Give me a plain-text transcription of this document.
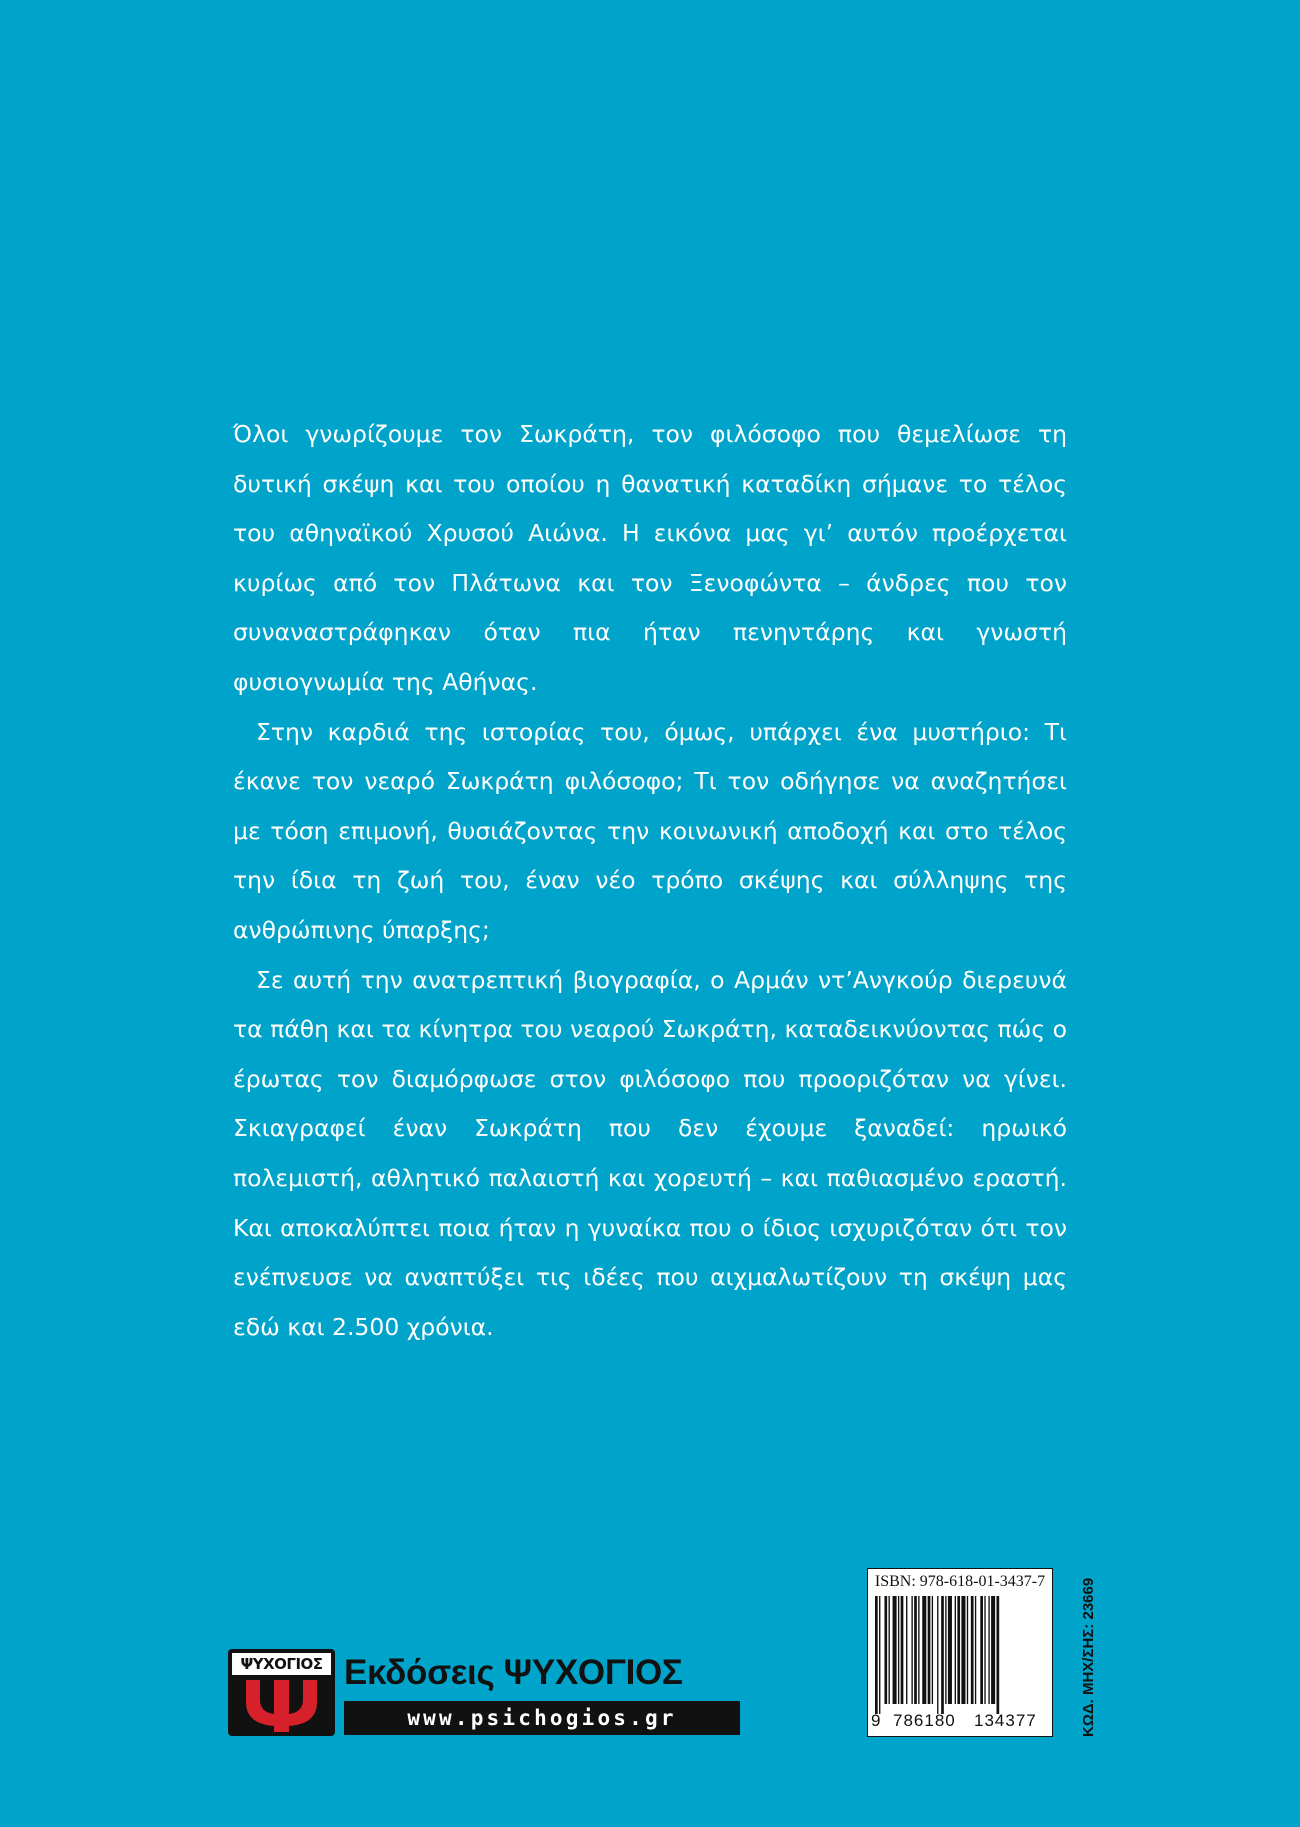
Όλοι γνωρίζουμε τον Σωκράτη, τον φιλόσοφο που θεμελίωσε τη δυτική σκέψη και του οποίου η θανατική καταδίκη σήμανε το τέλος του αθηναϊκού Χρυσού Αιώνα. Η εικόνα μας γι’ αυτόν προέρχεται κυρίως από τον Πλάτωνα και τον Ξενοφώντα – άνδρες που τον συναναστράφηκαν όταν πια ήταν πενηντάρης και γνωστή φυσιογνωμία της Αθήνας.

Στην καρδιά της ιστορίας του, όμως, υπάρχει ένα μυστήριο: Τι έκανε τον νεαρό Σωκράτη φιλόσοφο; Τι τον οδήγησε να αναζητήσει με τόση επιμονή, θυσιάζοντας την κοινωνική αποδοχή και στο τέλος την ίδια τη ζωή του, έναν νέο τρόπο σκέψης και σύλληψης της ανθρώπινης ύπαρξης;

Σε αυτή την ανατρεπτική βιογραφία, ο Αρμάν ντ’Ανγκούρ διερευνά τα πάθη και τα κίνητρα του νεαρού Σωκράτη, καταδεικνύοντας πώς ο έρωτας τον διαμόρφωσε στον φιλόσοφο που προοριζόταν να γίνει. Σκιαγραφεί έναν Σωκράτη που δεν έχουμε ξαναδεί: ηρωικό πολεμιστή, αθλητικό παλαιστή και χορευτή – και παθιασμένο εραστή. Και αποκαλύπτει ποια ήταν η γυναίκα που ο ίδιος ισχυριζόταν ότι τον ενέπνευσε να αναπτύξει τις ιδέες που αιχμαλωτίζουν τη σκέψη μας εδώ και 2.500 χρόνια.

ΨΥΧΟΓΙΟΣ Εκδόσεις ΨΥΧΟΓΙΟΣ
www.psichogios.gr
ISBN: 978-618-01-3437-7
9 786180 134377	ΚΩΔ. ΜΗΧ/ΣΗΣ: 23669
